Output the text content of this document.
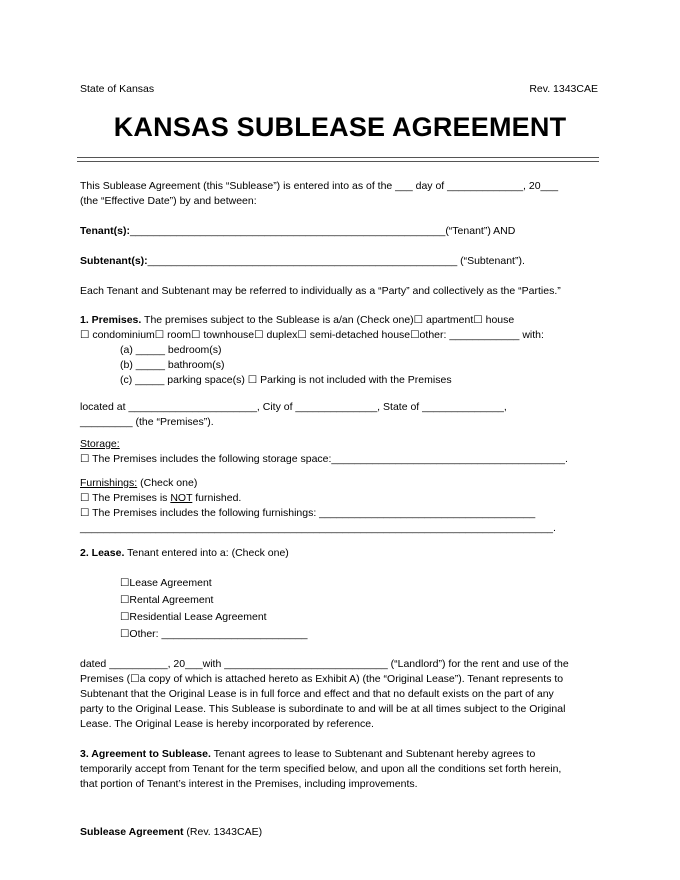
State of Kansas	Rev. 1343CAE
KANSAS SUBLEASE AGREEMENT
This Sublease Agreement (this “Sublease”) is entered into as of the ___ day of _____________, 20___
(the “Effective Date”) by and between:
Tenant(s):______________________________________________________(“Tenant”) AND
Subtenant(s):_____________________________________________________ (“Subtenant”).
Each Tenant and Subtenant may be referred to individually as a “Party” and collectively as the “Parties.”
1. Premises. The premises subject to the Sublease is a/an (Check one)☐ apartment☐ house
☐ condominium☐ room☐ townhouse☐ duplex☐ semi-detached house☐other: ____________ with:
(a) _____ bedroom(s)
(b) _____ bathroom(s)
(c) _____ parking space(s) ☐ Parking is not included with the Premises
located at ______________________, City of ______________, State of ______________,
_________ (the “Premises”).
Storage:
☐ The Premises includes the following storage space:________________________________________.
Furnishings: (Check one)
☐ The Premises is NOT furnished.
☐ The Premises includes the following furnishings: _____________________________________
_________________________________________________________________________________.
2. Lease. Tenant entered into a: (Check one)
☐Lease Agreement
☐Rental Agreement
☐Residential Lease Agreement
☐Other: _________________________
dated __________, 20___with ____________________________ (“Landlord”) for the rent and use of the
Premises (☐a copy of which is attached hereto as Exhibit A) (the “Original Lease”). Tenant represents to
Subtenant that the Original Lease is in full force and effect and that no default exists on the part of any
party to the Original Lease. This Sublease is subordinate to and will be at all times subject to the Original
Lease. The Original Lease is hereby incorporated by reference.
3. Agreement to Sublease. Tenant agrees to lease to Subtenant and Subtenant hereby agrees to
temporarily accept from Tenant for the term specified below, and upon all the conditions set forth herein,
that portion of Tenant’s interest in the Premises, including improvements.
Sublease Agreement (Rev. 1343CAE)
